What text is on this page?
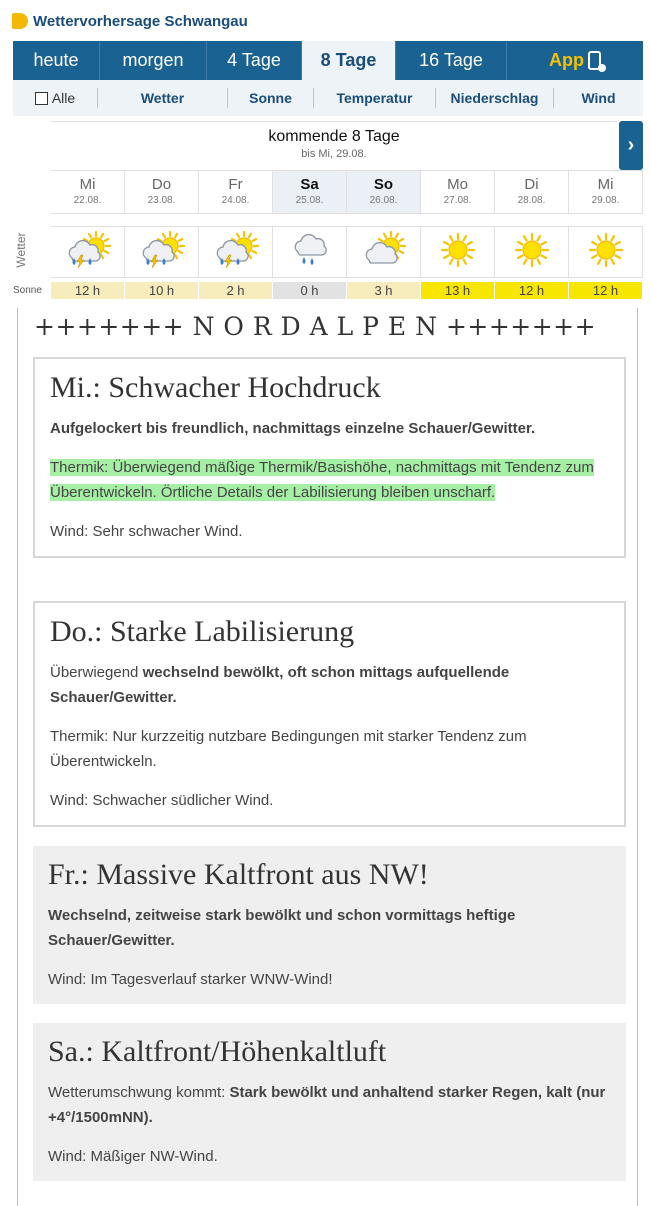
Wettervorhersage Schwangau
heute morgen 4 Tage 8 Tage 16 Tage	App
Alle	Wetter	Sonne	Temperatur	Niederschlag	Wind
kommende 8 Tage
bis Mi, 29.08.	›
Mi
22.08.
Do
23.08.
Fr
24.08.
Sa
25.08.
So
26.08.
Mo
27.08.
Di
28.08.
Mi
29.08.
Wetter
Sonne	12 h	10 h	2 h	0 h	3 h	13 h	12 h	12 h
+++++++ N O R D A L P E N +++++++
Mi.: Schwacher Hochdruck
Aufgelockert bis freundlich, nachmittags einzelne Schauer/Gewitter.
Thermik: Überwiegend mäßige Thermik/Basishöhe, nachmittags mit Tendenz zum Überentwickeln. Örtliche Details der Labilisierung bleiben unscharf.
Wind: Sehr schwacher Wind.
Do.: Starke Labilisierung
Überwiegend wechselnd bewölkt, oft schon mittags aufquellende Schauer/Gewitter.
Thermik: Nur kurzzeitig nutzbare Bedingungen mit starker Tendenz zum Überentwickeln.
Wind: Schwacher südlicher Wind.
Fr.: Massive Kaltfront aus NW!
Wechselnd, zeitweise stark bewölkt und schon vormittags heftige Schauer/Gewitter.
Wind: Im Tagesverlauf starker WNW-Wind!
Sa.: Kaltfront/Höhenkaltluft
Wetterumschwung kommt: Stark bewölkt und anhaltend starker Regen, kalt (nur +4°/1500mNN).
Wind: Mäßiger NW-Wind.
